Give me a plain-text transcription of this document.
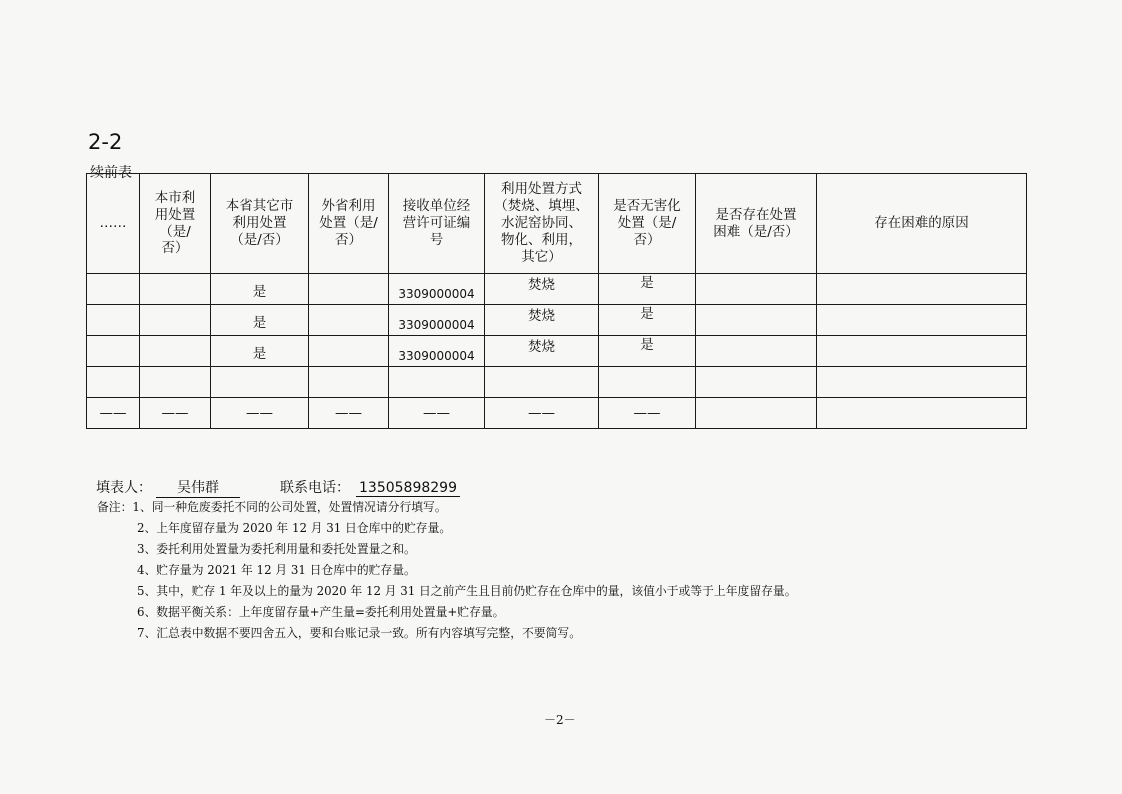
2-2
续前表
……	本市利
用处置
（是/
否）	本省其它市
利用处置
（是/否）	外省利用
处置（是/
否）	接收单位经
营许可证编
号	利用处置方式
（焚烧、填埋、
水泥窑协同、
物化、利用，
其它）	是否无害化
处置（是/
否）	是否存在处置
困难（是/否）	存在困难的原因
		是		3309000004	焚烧	是		
		是		3309000004	焚烧	是		
		是		3309000004	焚烧	是		

——	——	——	——	——	——	——		
填表人： 吴伟群	联系电话： 13505898299
备注：1、同一种危废委托不同的公司处置，处置情况请分行填写。
2、上年度留存量为 2020 年 12 月 31 日仓库中的贮存量。
3、委托利用处置量为委托利用量和委托处置量之和。
4、贮存量为 2021 年 12 月 31 日仓库中的贮存量。
5、其中，贮存 1 年及以上的量为 2020 年 12 月 31 日之前产生且目前仍贮存在仓库中的量，该值小于或等于上年度留存量。
6、数据平衡关系：上年度留存量+产生量=委托利用处置量+贮存量。
7、汇总表中数据不要四舍五入，要和台账记录一致。所有内容填写完整，不要简写。
－2－
